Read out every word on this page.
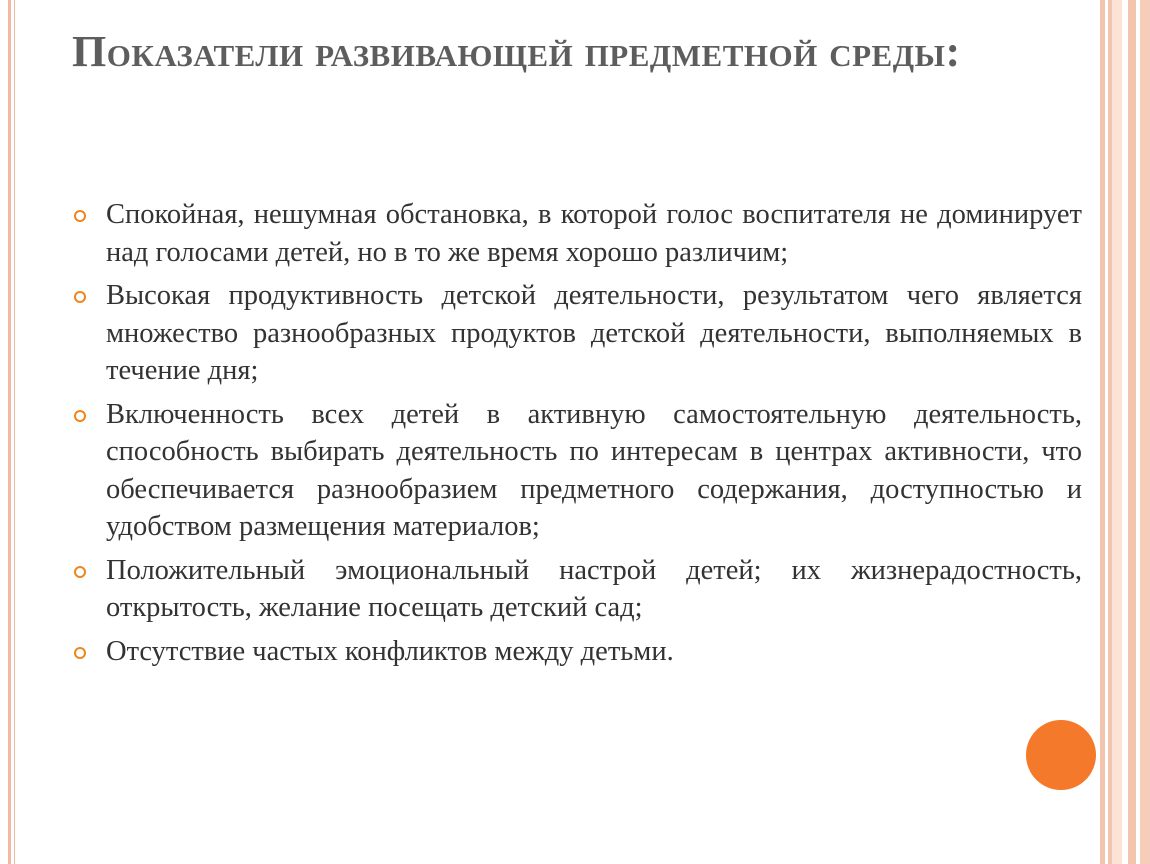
Показатели развивающей предметной среды:
Спокойная, нешумная обстановка, в которой голос воспитателя не доминирует над голосами детей, но в то же время хорошо различим;
Высокая продуктивность детской деятельности, результатом чего является множество разнообразных продуктов детской деятельности, выполняемых в течение дня;
Включенность всех детей в активную самостоятельную деятельность, способность выбирать деятельность по интересам в центрах активности, что обеспечивается разнообразием предметного содержания, доступностью и удобством размещения материалов;
Положительный эмоциональный настрой детей; их жизнерадостность, открытость, желание посещать детский сад;
Отсутствие частых конфликтов между детьми.
